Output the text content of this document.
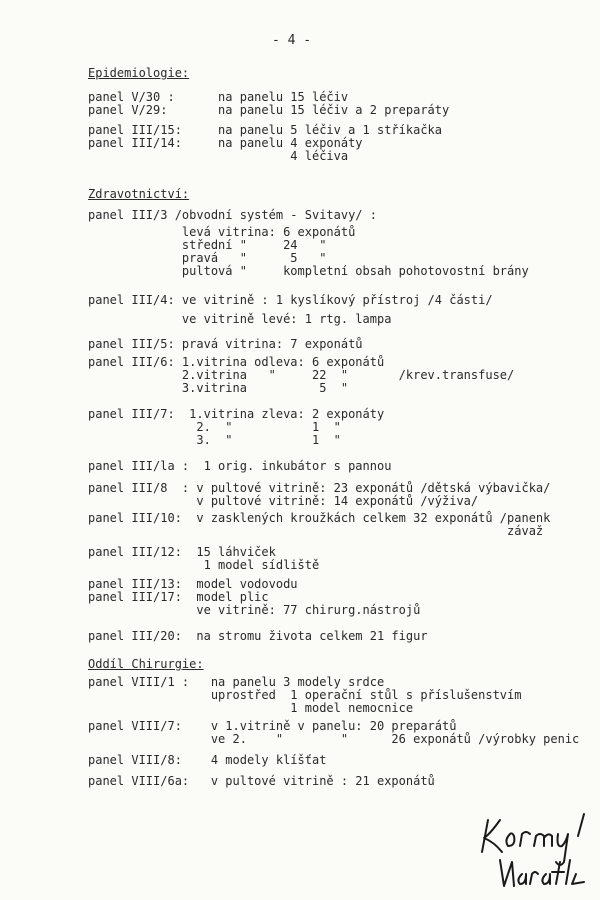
- 4 -
Epidemiologie:
panel V/30 :      na panelu 15 léčiv
panel V/29:       na panelu 15 léčiv a 2 preparáty
panel III/15:     na panelu 5 léčiv a 1 stříkačka
panel III/14:     na panelu 4 exponáty
4 léčiva
Zdravotnictví:
panel III/3 /obvodní systém - Svitavy/ :
levá vitrina: 6 exponátů
střední "     24   "
pravá   "      5   "
pultová "     kompletní obsah pohotovostní brány
panel III/4: ve vitrině : 1 kyslíkový přístroj /4 části/
ve vitrině levé: 1 rtg. lampa
panel III/5: pravá vitrina: 7 exponátů
panel III/6: 1.vitrina odleva: 6 exponátů
2.vitrina   "     22  "       /krev.transfuse/
3.vitrina          5  "
panel III/7:  1.vitrina zleva: 2 exponáty
2.  "           1  "
3.  "           1  "
panel III/la :  1 orig. inkubátor s pannou
panel III/8  : v pultové vitrině: 23 exponátů /dětská výbavička/
v pultové vitrině: 14 exponátů /výživa/
panel III/10:  v zasklených kroužkách celkem 32 exponátů /panenk
závaž
panel III/12:  15 láhviček
1 model sídliště
panel III/13:  model vodovodu
panel III/17:  model plic
ve vitrině: 77 chirurg.nástrojů
panel III/20:  na stromu života celkem 21 figur
Oddíl Chirurgie:
panel VIII/1 :   na panelu 3 modely srdce
uprostřed  1 operační stůl s příslušenstvím
1 model nemocnice
panel VIII/7:    v 1.vitrině v panelu: 20 preparátů
ve 2.    "        "      26 exponátů /výrobky penic
panel VIII/8:    4 modely klíšťat
panel VIII/6a:   v pultové vitrině : 21 exponátů
